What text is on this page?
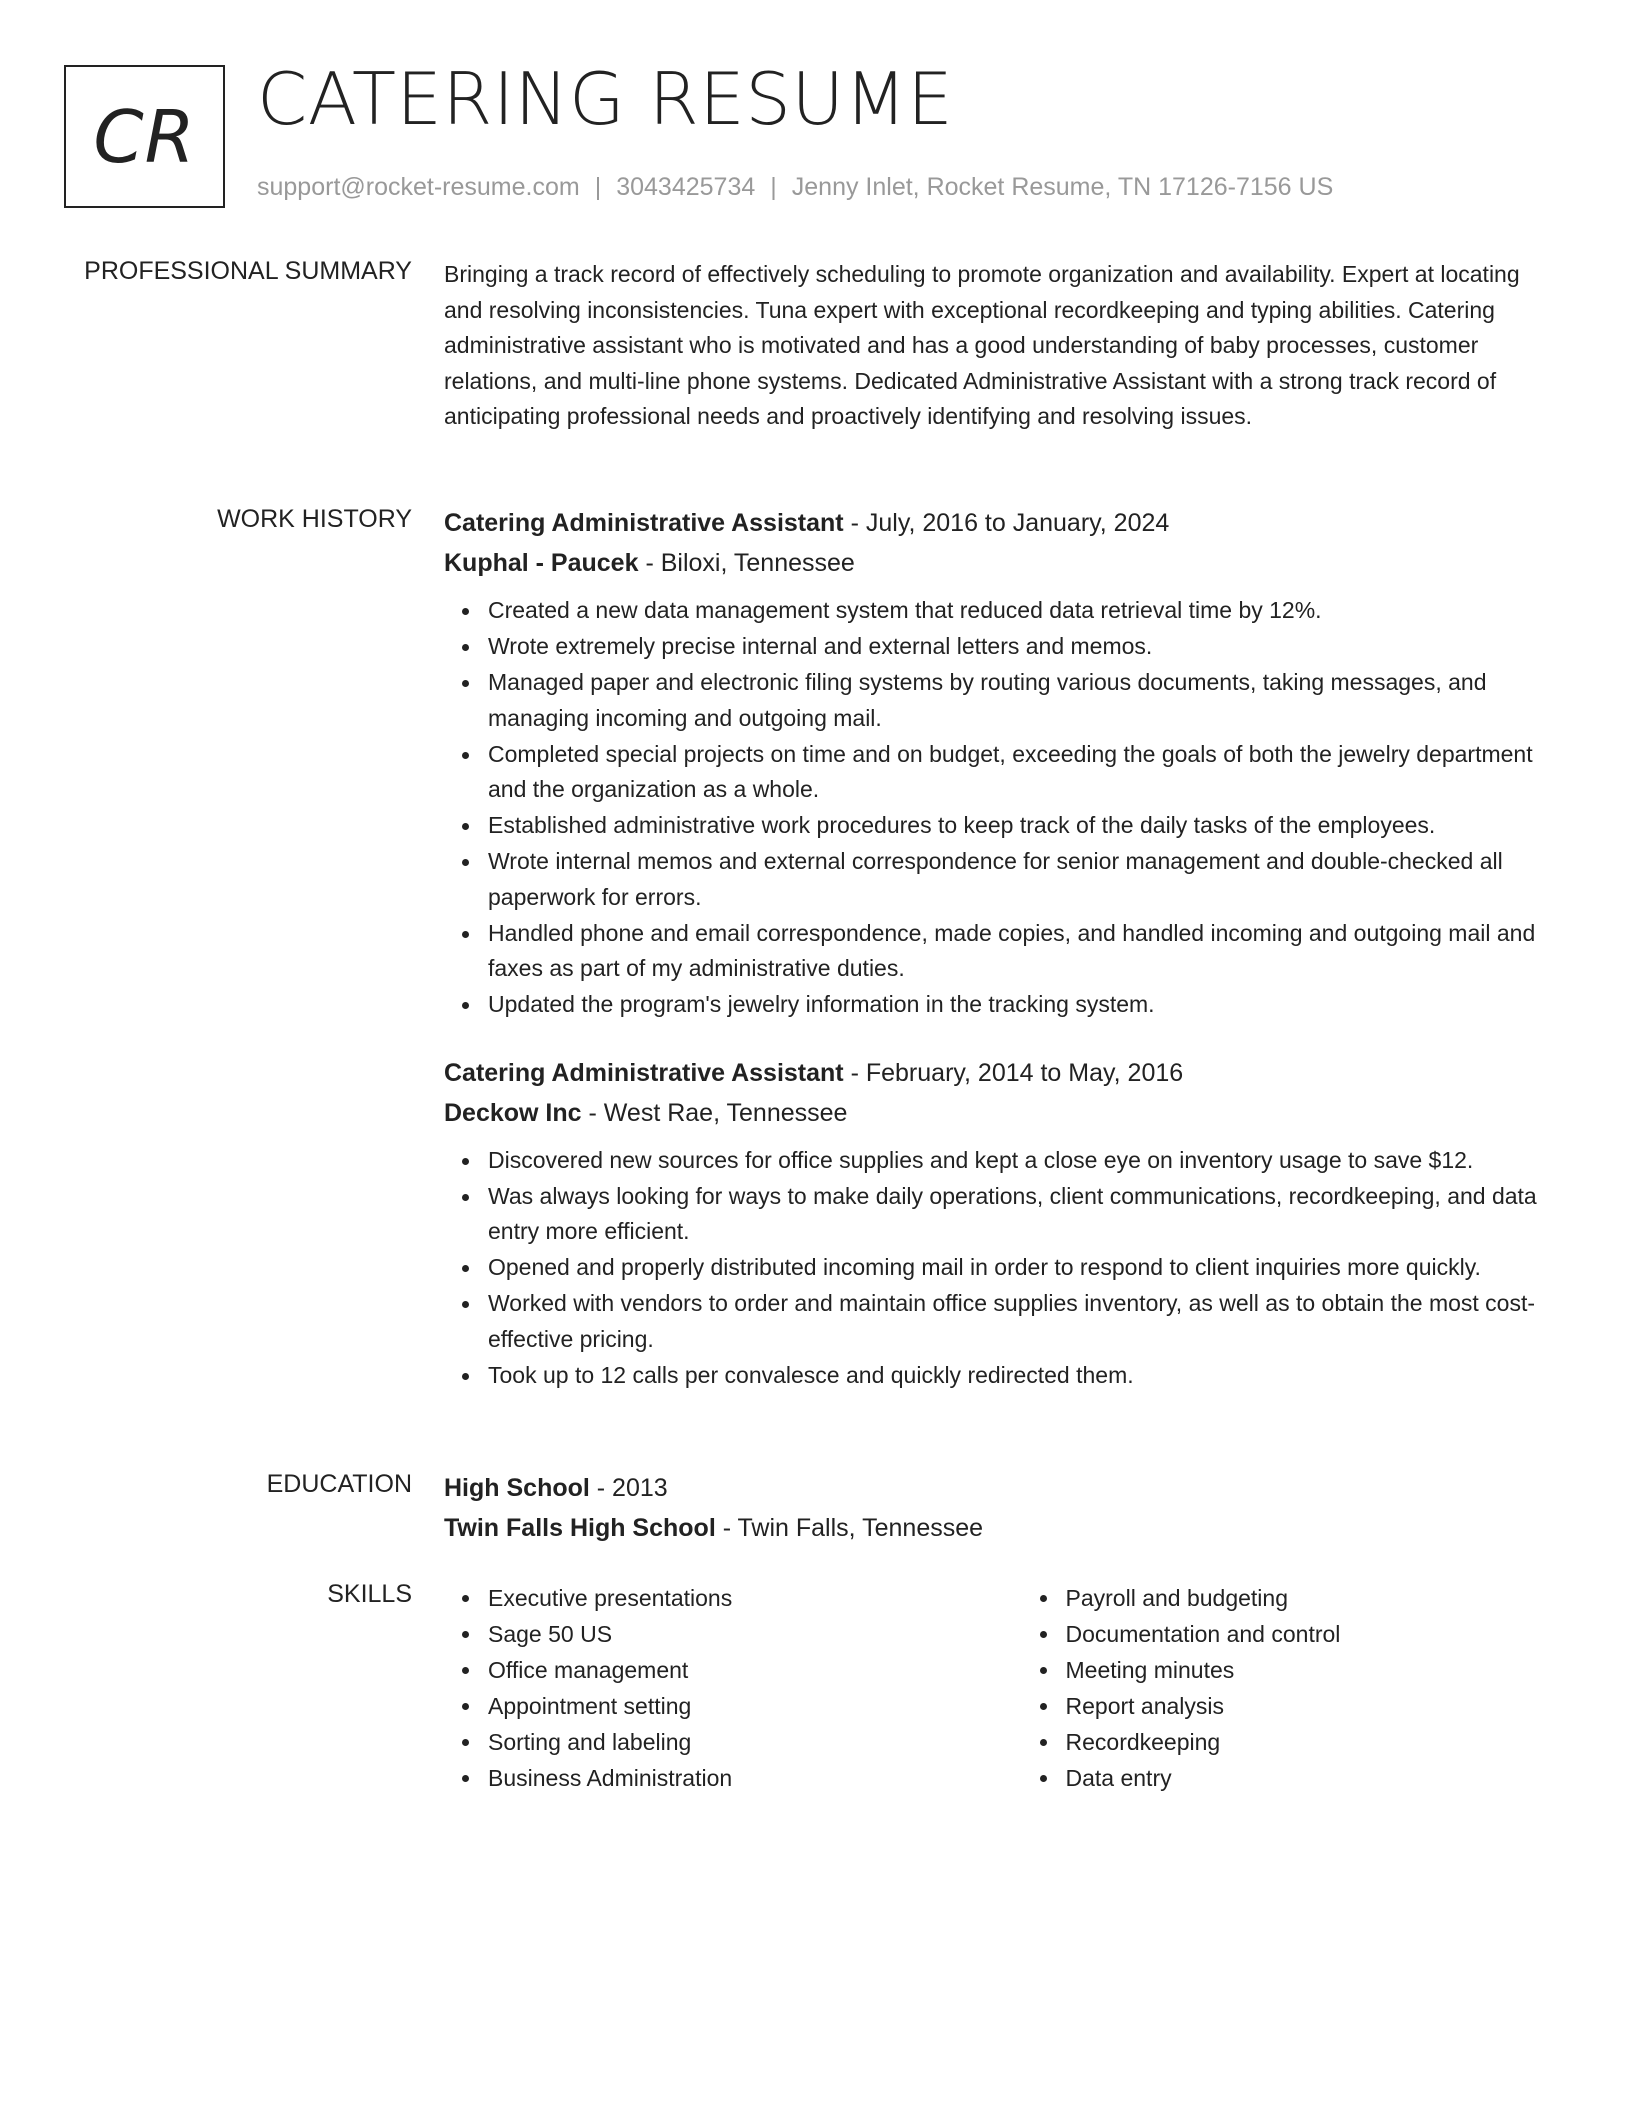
CR CATERING RESUME
support@rocket-resume.com | 3043425734 | Jenny Inlet, Rocket Resume, TN 17126-7156 US
PROFESSIONAL SUMMARY Bringing a track record of effectively scheduling to promote organization and availability. Expert at locating and resolving inconsistencies. Tuna expert with exceptional recordkeeping and typing abilities. Catering administrative assistant who is motivated and has a good understanding of baby processes, customer relations, and multi-line phone systems. Dedicated Administrative Assistant with a strong track record of anticipating professional needs and proactively identifying and resolving issues.

WORK HISTORY Catering Administrative Assistant - July, 2016 to January, 2024
Kuphal - Paucek - Biloxi, Tennessee
Created a new data management system that reduced data retrieval time by 12%.
Wrote extremely precise internal and external letters and memos.
Managed paper and electronic filing systems by routing various documents, taking messages, and managing incoming and outgoing mail.
Completed special projects on time and on budget, exceeding the goals of both the jewelry department and the organization as a whole.
Established administrative work procedures to keep track of the daily tasks of the employees.
Wrote internal memos and external correspondence for senior management and double-checked all paperwork for errors.
Handled phone and email correspondence, made copies, and handled incoming and outgoing mail and faxes as part of my administrative duties.
Updated the program's jewelry information in the tracking system.
Catering Administrative Assistant - February, 2014 to May, 2016
Deckow Inc - West Rae, Tennessee
Discovered new sources for office supplies and kept a close eye on inventory usage to save $12.
Was always looking for ways to make daily operations, client communications, recordkeeping, and data entry more efficient.
Opened and properly distributed incoming mail in order to respond to client inquiries more quickly.
Worked with vendors to order and maintain office supplies inventory, as well as to obtain the most cost-effective pricing.
Took up to 12 calls per convalesce and quickly redirected them.
EDUCATION High School - 2013
Twin Falls High School - Twin Falls, Tennessee
SKILLS	Executive presentations
Sage 50 US
Office management
Appointment setting
Sorting and labeling
Business Administration
Payroll and budgeting
Documentation and control
Meeting minutes
Report analysis
Recordkeeping
Data entry
